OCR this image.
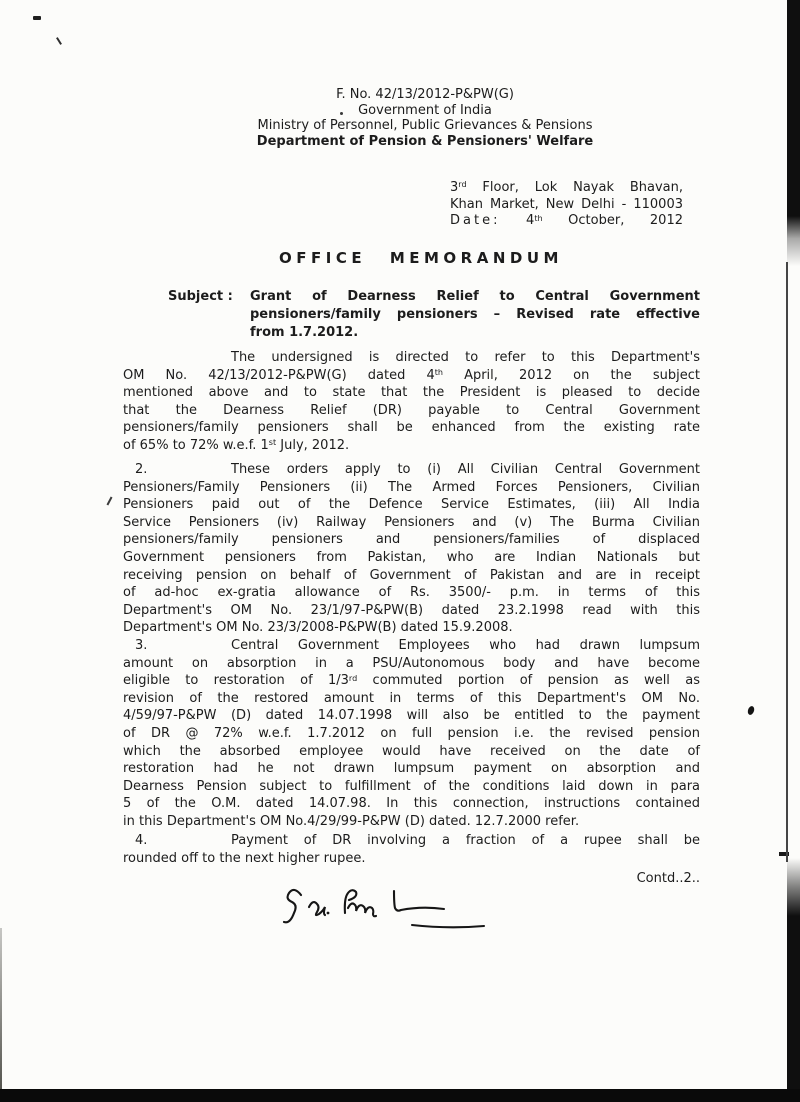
F. No. 42/13/2012-P&PW(G)
Government of India
Ministry of Personnel, Public Grievances & Pensions
Department of Pension & Pensioners' Welfare
3rd Floor, Lok Nayak Bhavan,
Khan Market, New Delhi - 110003
Date: 4th October, 2012
OFFICE MEMORANDUM
Subject : Grant of Dearness Relief to Central Government
pensioners/family pensioners – Revised rate effective
from 1.7.2012.
The undersigned is directed to refer to this Department's
OM No. 42/13/2012-P&PW(G) dated 4th April, 2012 on the subject
mentioned above and to state that the President is pleased to decide
that the Dearness Relief (DR) payable to Central Government
pensioners/family pensioners shall be enhanced from the existing rate
of 65% to 72% w.e.f. 1st July, 2012.
2.	These orders apply to (i) All Civilian Central Government
Pensioners/Family Pensioners (ii) The Armed Forces Pensioners, Civilian
Pensioners paid out of the Defence Service Estimates, (iii) All India
Service Pensioners (iv) Railway Pensioners and (v) The Burma Civilian
pensioners/family pensioners and pensioners/families of displaced
Government pensioners from Pakistan, who are Indian Nationals but
receiving pension on behalf of Government of Pakistan and are in receipt
of ad-hoc ex-gratia allowance of Rs. 3500/- p.m. in terms of this
Department's OM No. 23/1/97-P&PW(B) dated 23.2.1998 read with this
Department's OM No. 23/3/2008-P&PW(B) dated 15.9.2008.
3.	Central Government Employees who had drawn lumpsum
amount on absorption in a PSU/Autonomous body and have become
eligible to restoration of 1/3rd commuted portion of pension as well as
revision of the restored amount in terms of this Department's OM No.
4/59/97-P&PW (D) dated 14.07.1998 will also be entitled to the payment
of DR @ 72% w.e.f. 1.7.2012 on full pension i.e. the revised pension
which the absorbed employee would have received on the date of
restoration had he not drawn lumpsum payment on absorption and
Dearness Pension subject to fulfillment of the conditions laid down in para
5 of the O.M. dated 14.07.98. In this connection, instructions contained
in this Department's OM No.4/29/99-P&PW (D) dated. 12.7.2000 refer.
4.	Payment of DR involving a fraction of a rupee shall be
rounded off to the next higher rupee.
Contd..2..
